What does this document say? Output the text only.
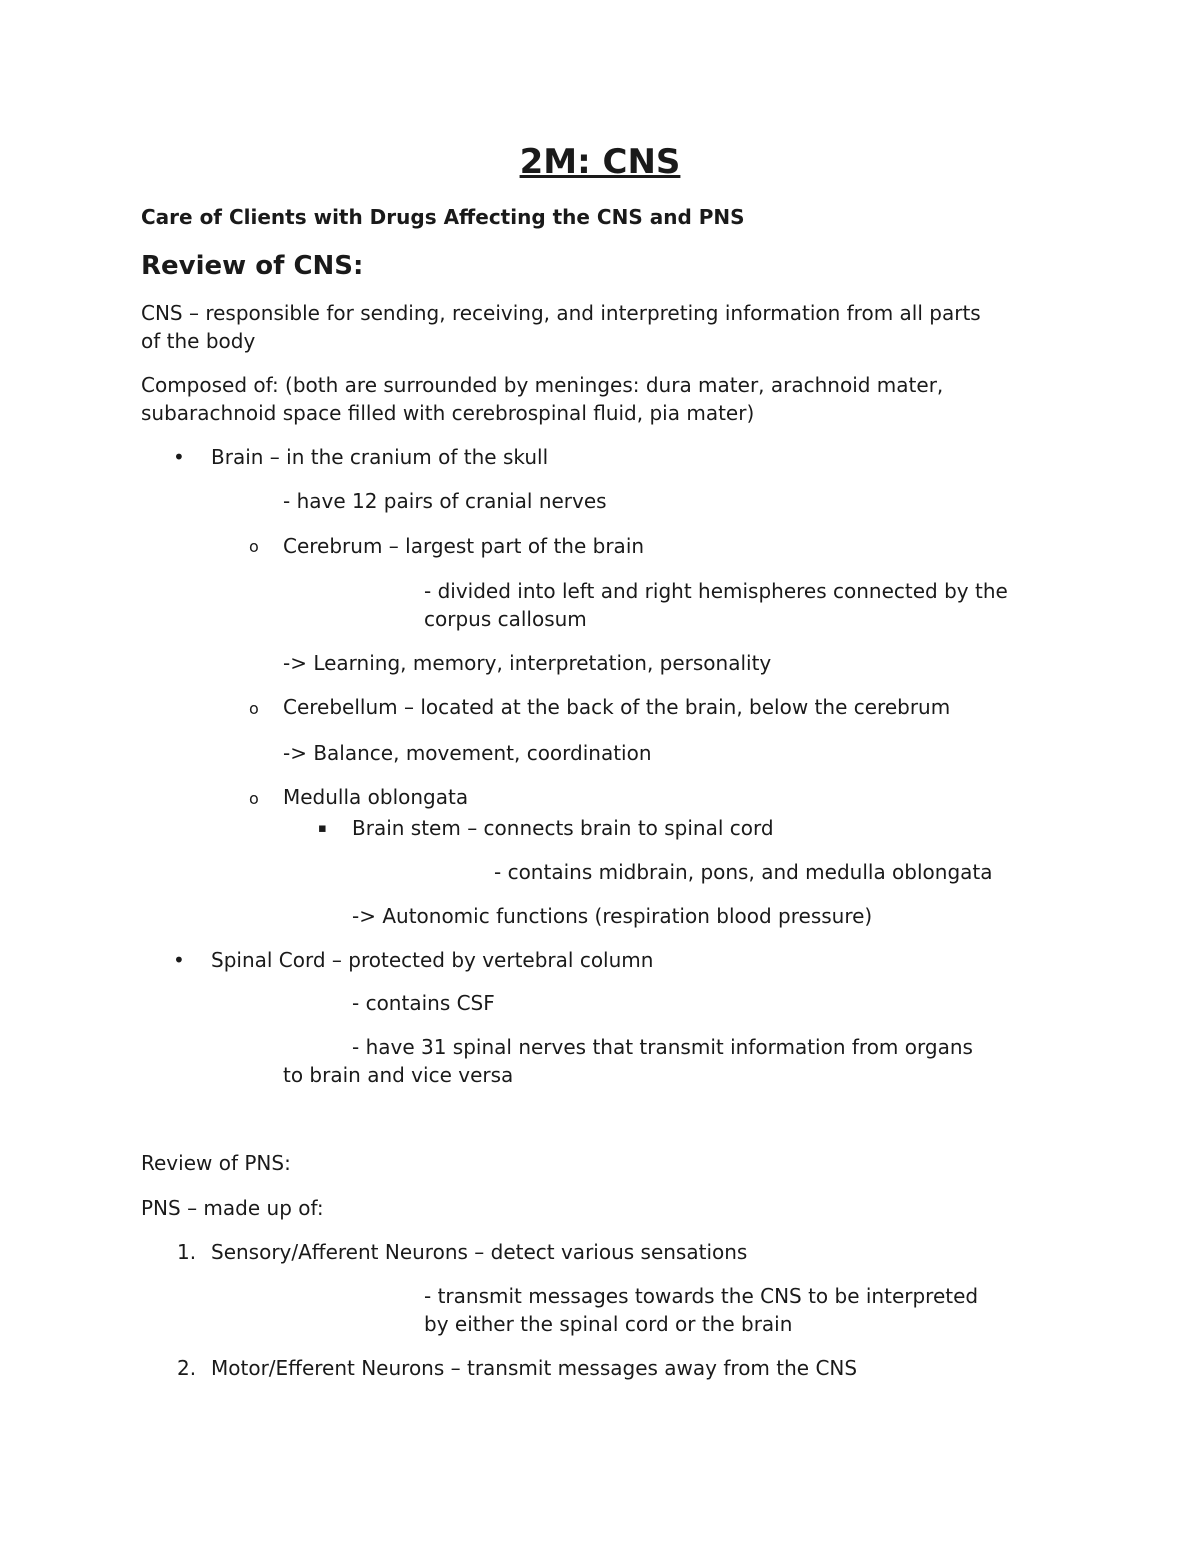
2M: CNS
Care of Clients with Drugs Affecting the CNS and PNS
Review of CNS:
CNS – responsible for sending, receiving, and interpreting information from all parts
of the body
Composed of: (both are surrounded by meninges: dura mater, arachnoid mater,
subarachnoid space filled with cerebrospinal fluid, pia mater)
• Brain – in the cranium of the skull
- have 12 pairs of cranial nerves
o Cerebrum – largest part of the brain
- divided into left and right hemispheres connected by the
corpus callosum
-> Learning, memory, interpretation, personality
o Cerebellum – located at the back of the brain, below the cerebrum
-> Balance, movement, coordination
o Medulla oblongata
▪ Brain stem – connects brain to spinal cord
- contains midbrain, pons, and medulla oblongata
-> Autonomic functions (respiration blood pressure)
• Spinal Cord – protected by vertebral column
- contains CSF
- have 31 spinal nerves that transmit information from organs
to brain and vice versa
Review of PNS:
PNS – made up of:
1. Sensory/Afferent Neurons – detect various sensations
- transmit messages towards the CNS to be interpreted
by either the spinal cord or the brain
2. Motor/Efferent Neurons – transmit messages away from the CNS
